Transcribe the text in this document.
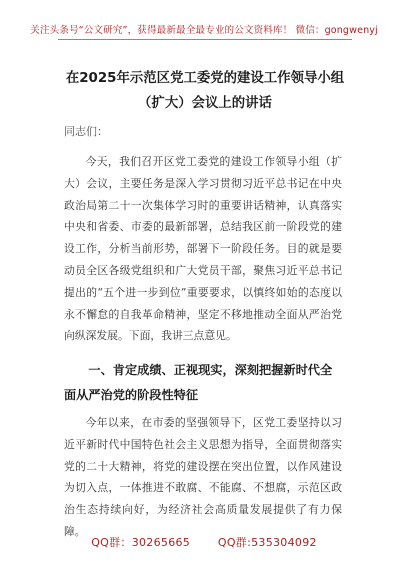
关注头条号“公文研究”，获得最新最全最专业的公文资料库！ 微信：gongwenyj
在2025年示范区党工委党的建设工作领导小组（扩大）会议上的讲话
同志们：
今天，我们召开区党工委党的建设工作领导小组（扩大）会议，主要任务是深入学习贯彻习近平总书记在中央政治局第二十一次集体学习时的重要讲话精神，认真落实中央和省委、市委的最新部署，总结我区前一阶段党的建设工作，分析当前形势，部署下一阶段任务。目的就是要动员全区各级党组织和广大党员干部，聚焦习近平总书记提出的“五个进一步到位”重要要求，以慎终如始的态度以永不懈怠的自我革命精神，坚定不移地推动全面从严治党向纵深发展。下面，我讲三点意见。
一、肯定成绩、正视现实，深刻把握新时代全面从严治党的阶段性特征
今年以来，在市委的坚强领导下，区党工委坚持以习近平新时代中国特色社会主义思想为指导，全面贯彻落实党的二十大精神，将党的建设摆在突出位置，以作风建设为切入点，一体推进不敢腐、不能腐、不想腐，示范区政治生态持续向好，为经济社会高质量发展提供了有力保障。
QQ群：30265665	QQ群:535304092
